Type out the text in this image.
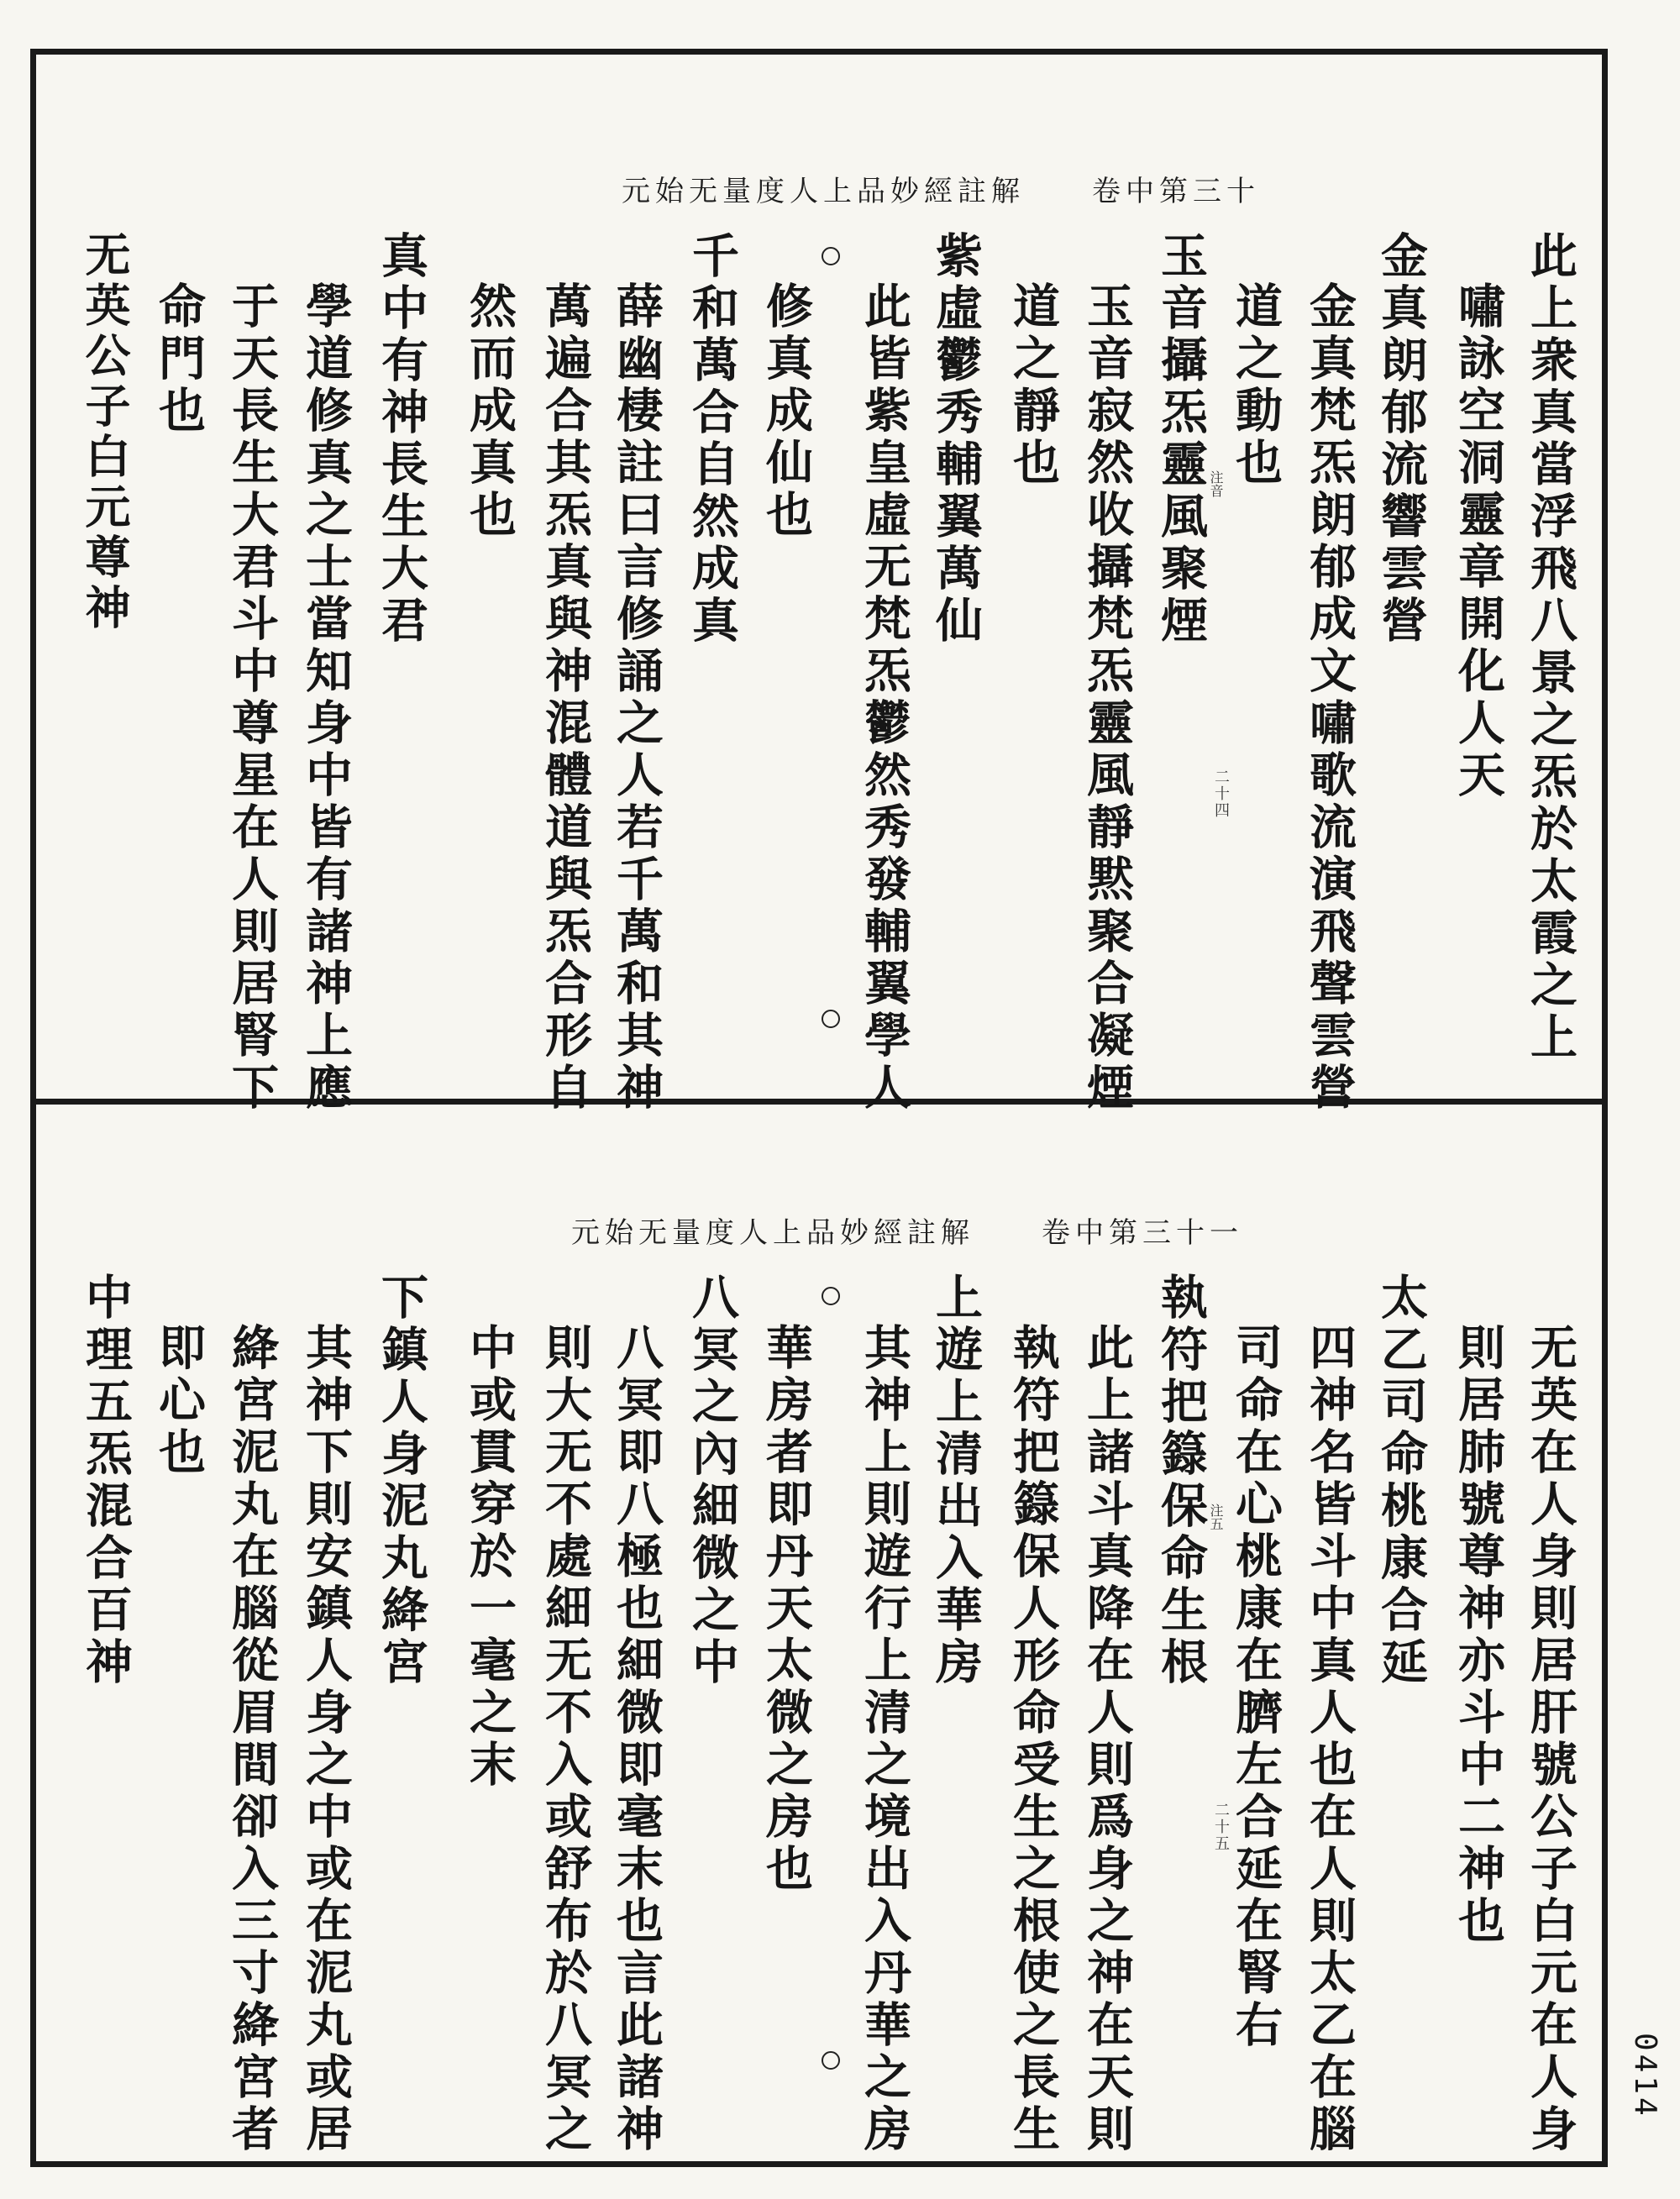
元始无量度人上品妙經註解　　卷中第三十
此上衆真當浮飛八景之炁於太霞之上
嘯詠空洞靈章開化人天
金真朗郁流響雲營
金真梵炁朗郁成文嘯歌流演飛聲雲營
道之動也
玉音攝炁靈風聚煙
玉音寂然收攝梵炁靈風靜黙聚合凝煙
道之靜也
紫虛鬱秀輔翼萬仙
此皆紫皇虛无梵炁鬱然秀發輔翼學人
修真成仙也
千和萬合自然成真
薛幽棲註曰言修誦之人若千萬和其神
萬遍合其炁真與神混體道與炁合形自
然而成真也
真中有神長生大君
學道修真之士當知身中皆有諸神上應
于天長生大君斗中尊星在人則居腎下
命門也
无英公子白元尊神	注音
二十四
元始无量度人上品妙經註解　　卷中第三十一
无英在人身則居肝號公子白元在人身
則居肺號尊神亦斗中二神也
太乙司命桃康合延
四神名皆斗中真人也在人則太乙在腦
司命在心桃康在臍左合延在腎右
執符把籙保命生根
此上諸斗真降在人則爲身之神在天則
執符把籙保人形命受生之根使之長生
上遊上清出入華房
其神上則遊行上清之境出入丹華之房
華房者即丹天太微之房也
八冥之內細微之中
八冥即八極也細微即毫末也言此諸神
則大无不處細无不入或舒布於八冥之
中或貫穿於一毫之末
下鎮人身泥丸絳宮
其神下則安鎮人身之中或在泥丸或居
絳宮泥丸在腦從眉間卻入三寸絳宮者
即心也
中理五炁混合百神	注五
二十五
0414
